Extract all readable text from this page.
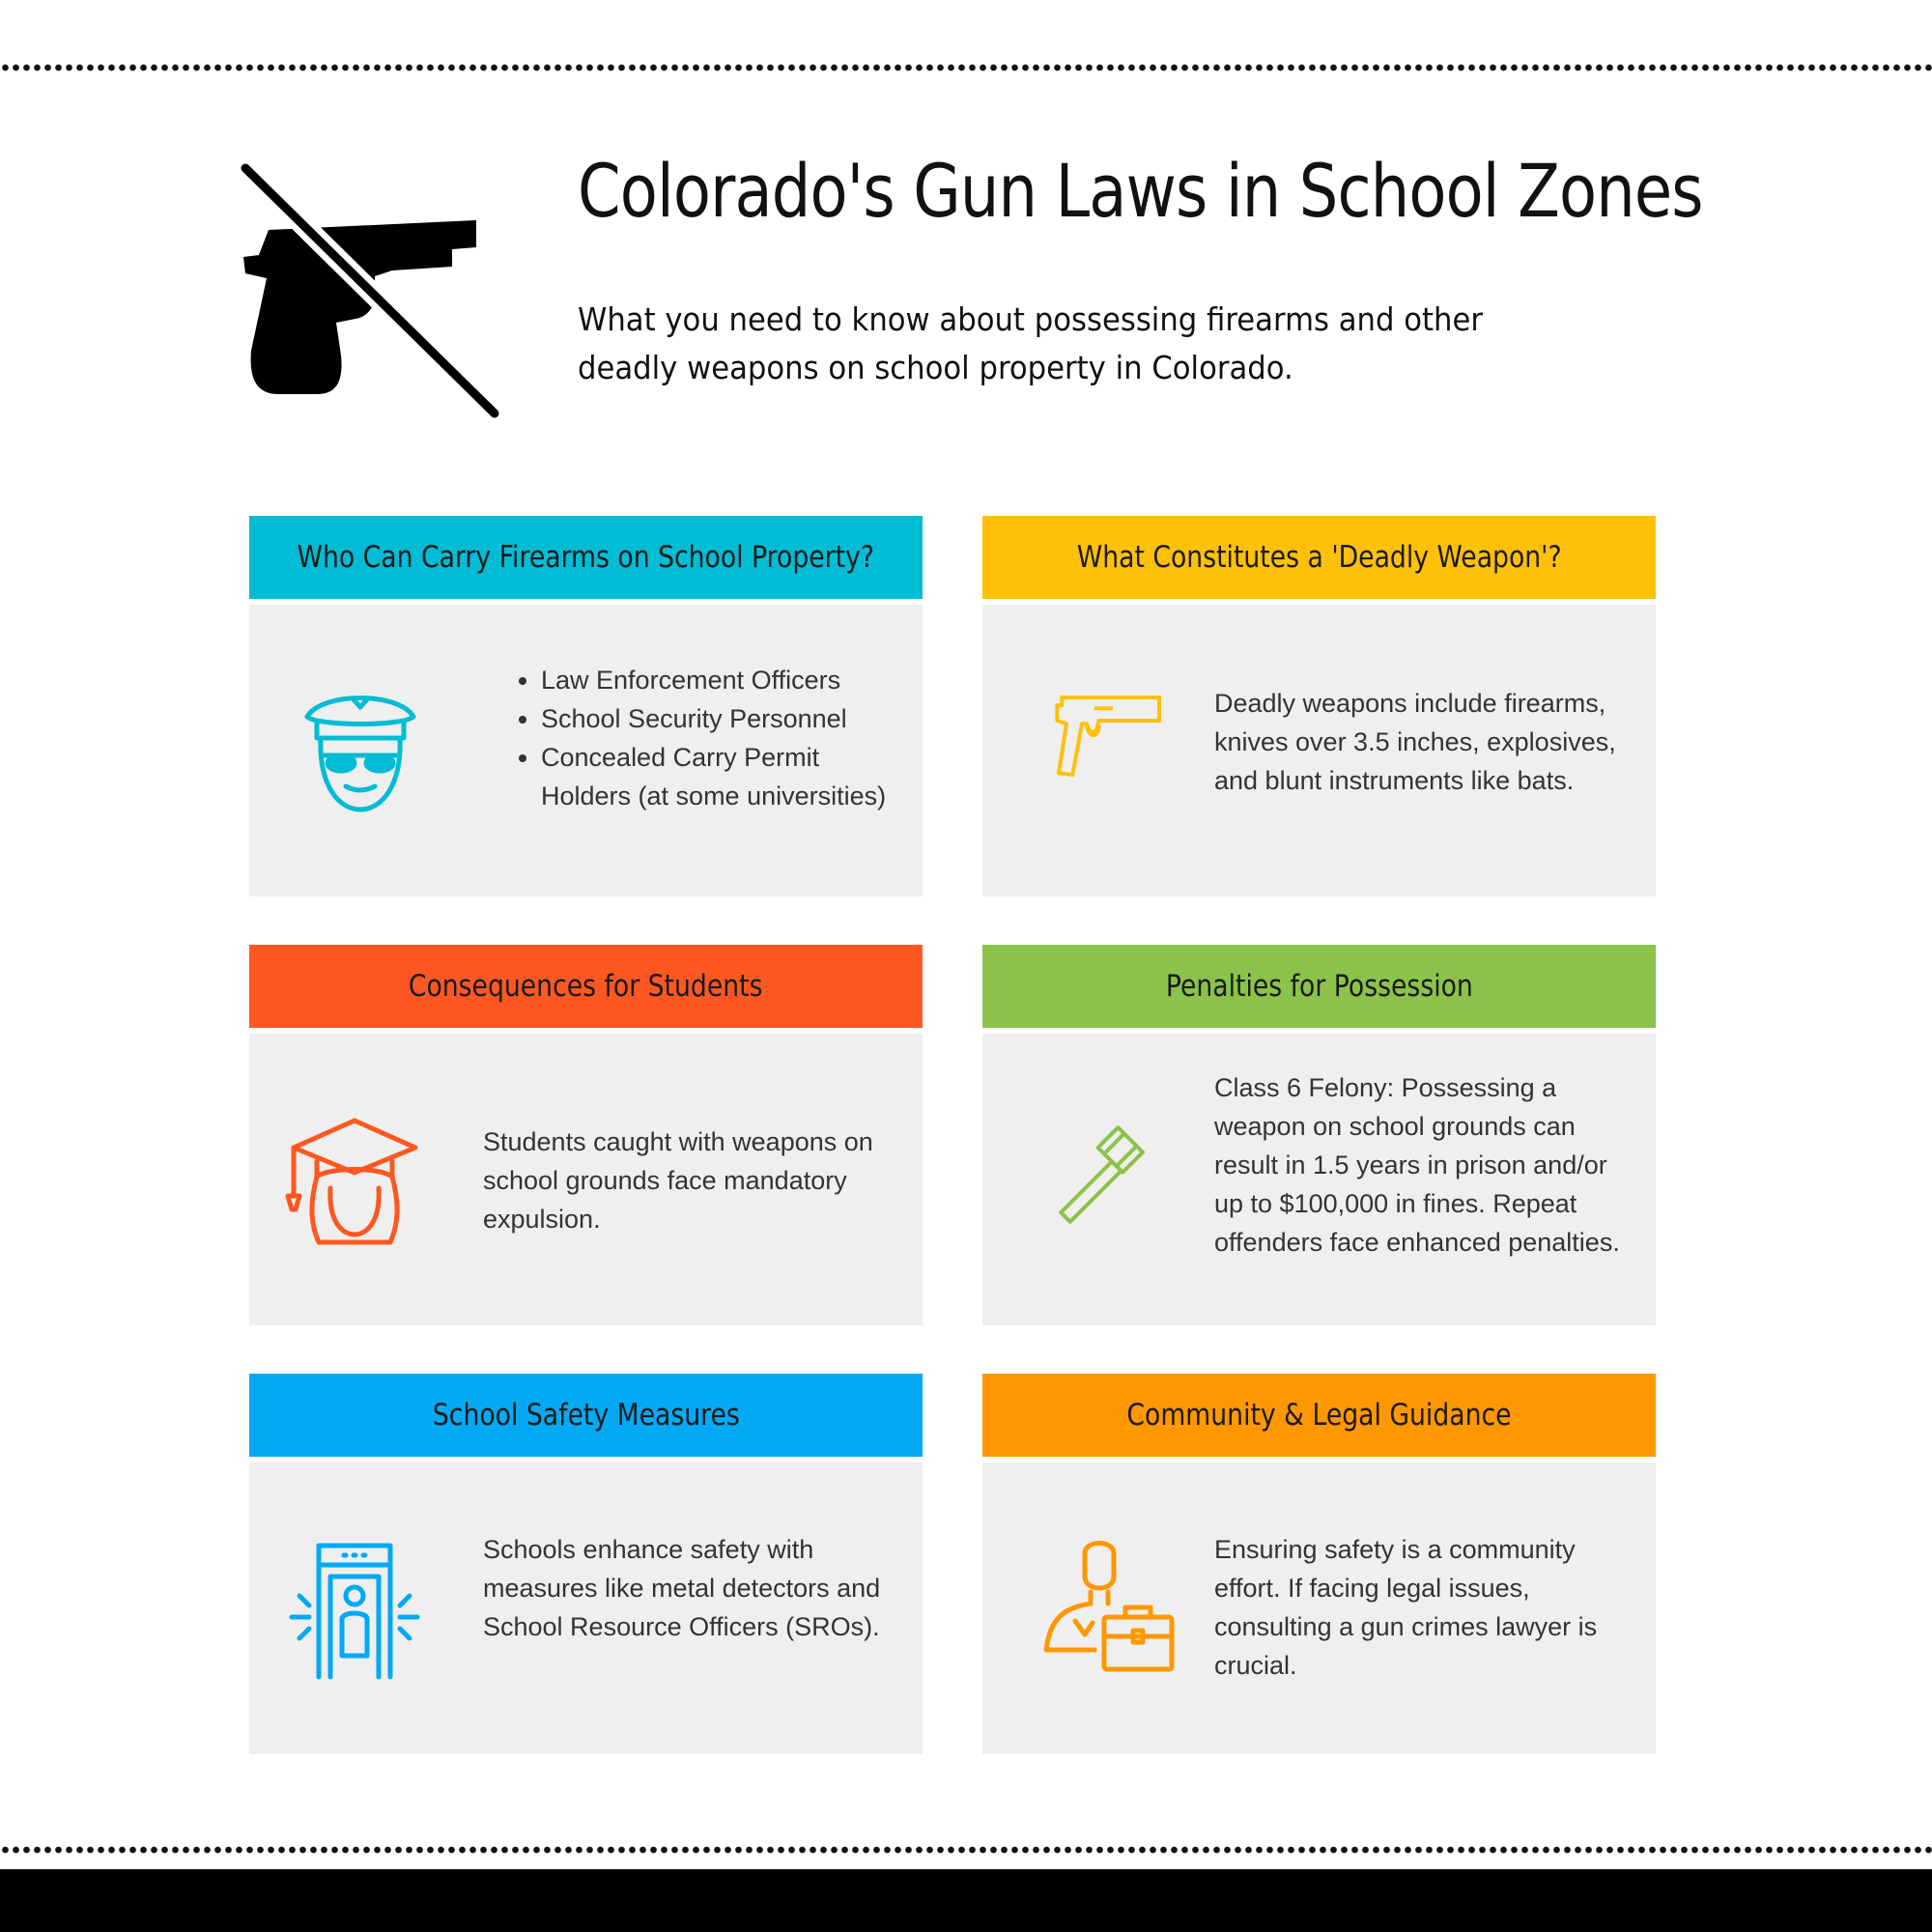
Colorado's Gun Laws in School Zones

What you need to know about possessing firearms and other deadly weapons on school property in Colorado.

Who Can Carry Firearms on School Property?
• Law Enforcement Officers
• School Security Personnel
• Concealed Carry Permit Holders (at some universities)
What Constitutes a 'Deadly Weapon'?
Deadly weapons include firearms, knives over 3.5 inches, explosives, and blunt instruments like bats.
Consequences for Students
Students caught with weapons on school grounds face mandatory expulsion.
Penalties for Possession
Class 6 Felony: Possessing a weapon on school grounds can result in 1.5 years in prison and/or up to $100,000 in fines. Repeat offenders face enhanced penalties.
School Safety Measures
Schools enhance safety with measures like metal detectors and School Resource Officers (SROs).
Community & Legal Guidance
Ensuring safety is a community effort. If facing legal issues, consulting a gun crimes lawyer is crucial.
